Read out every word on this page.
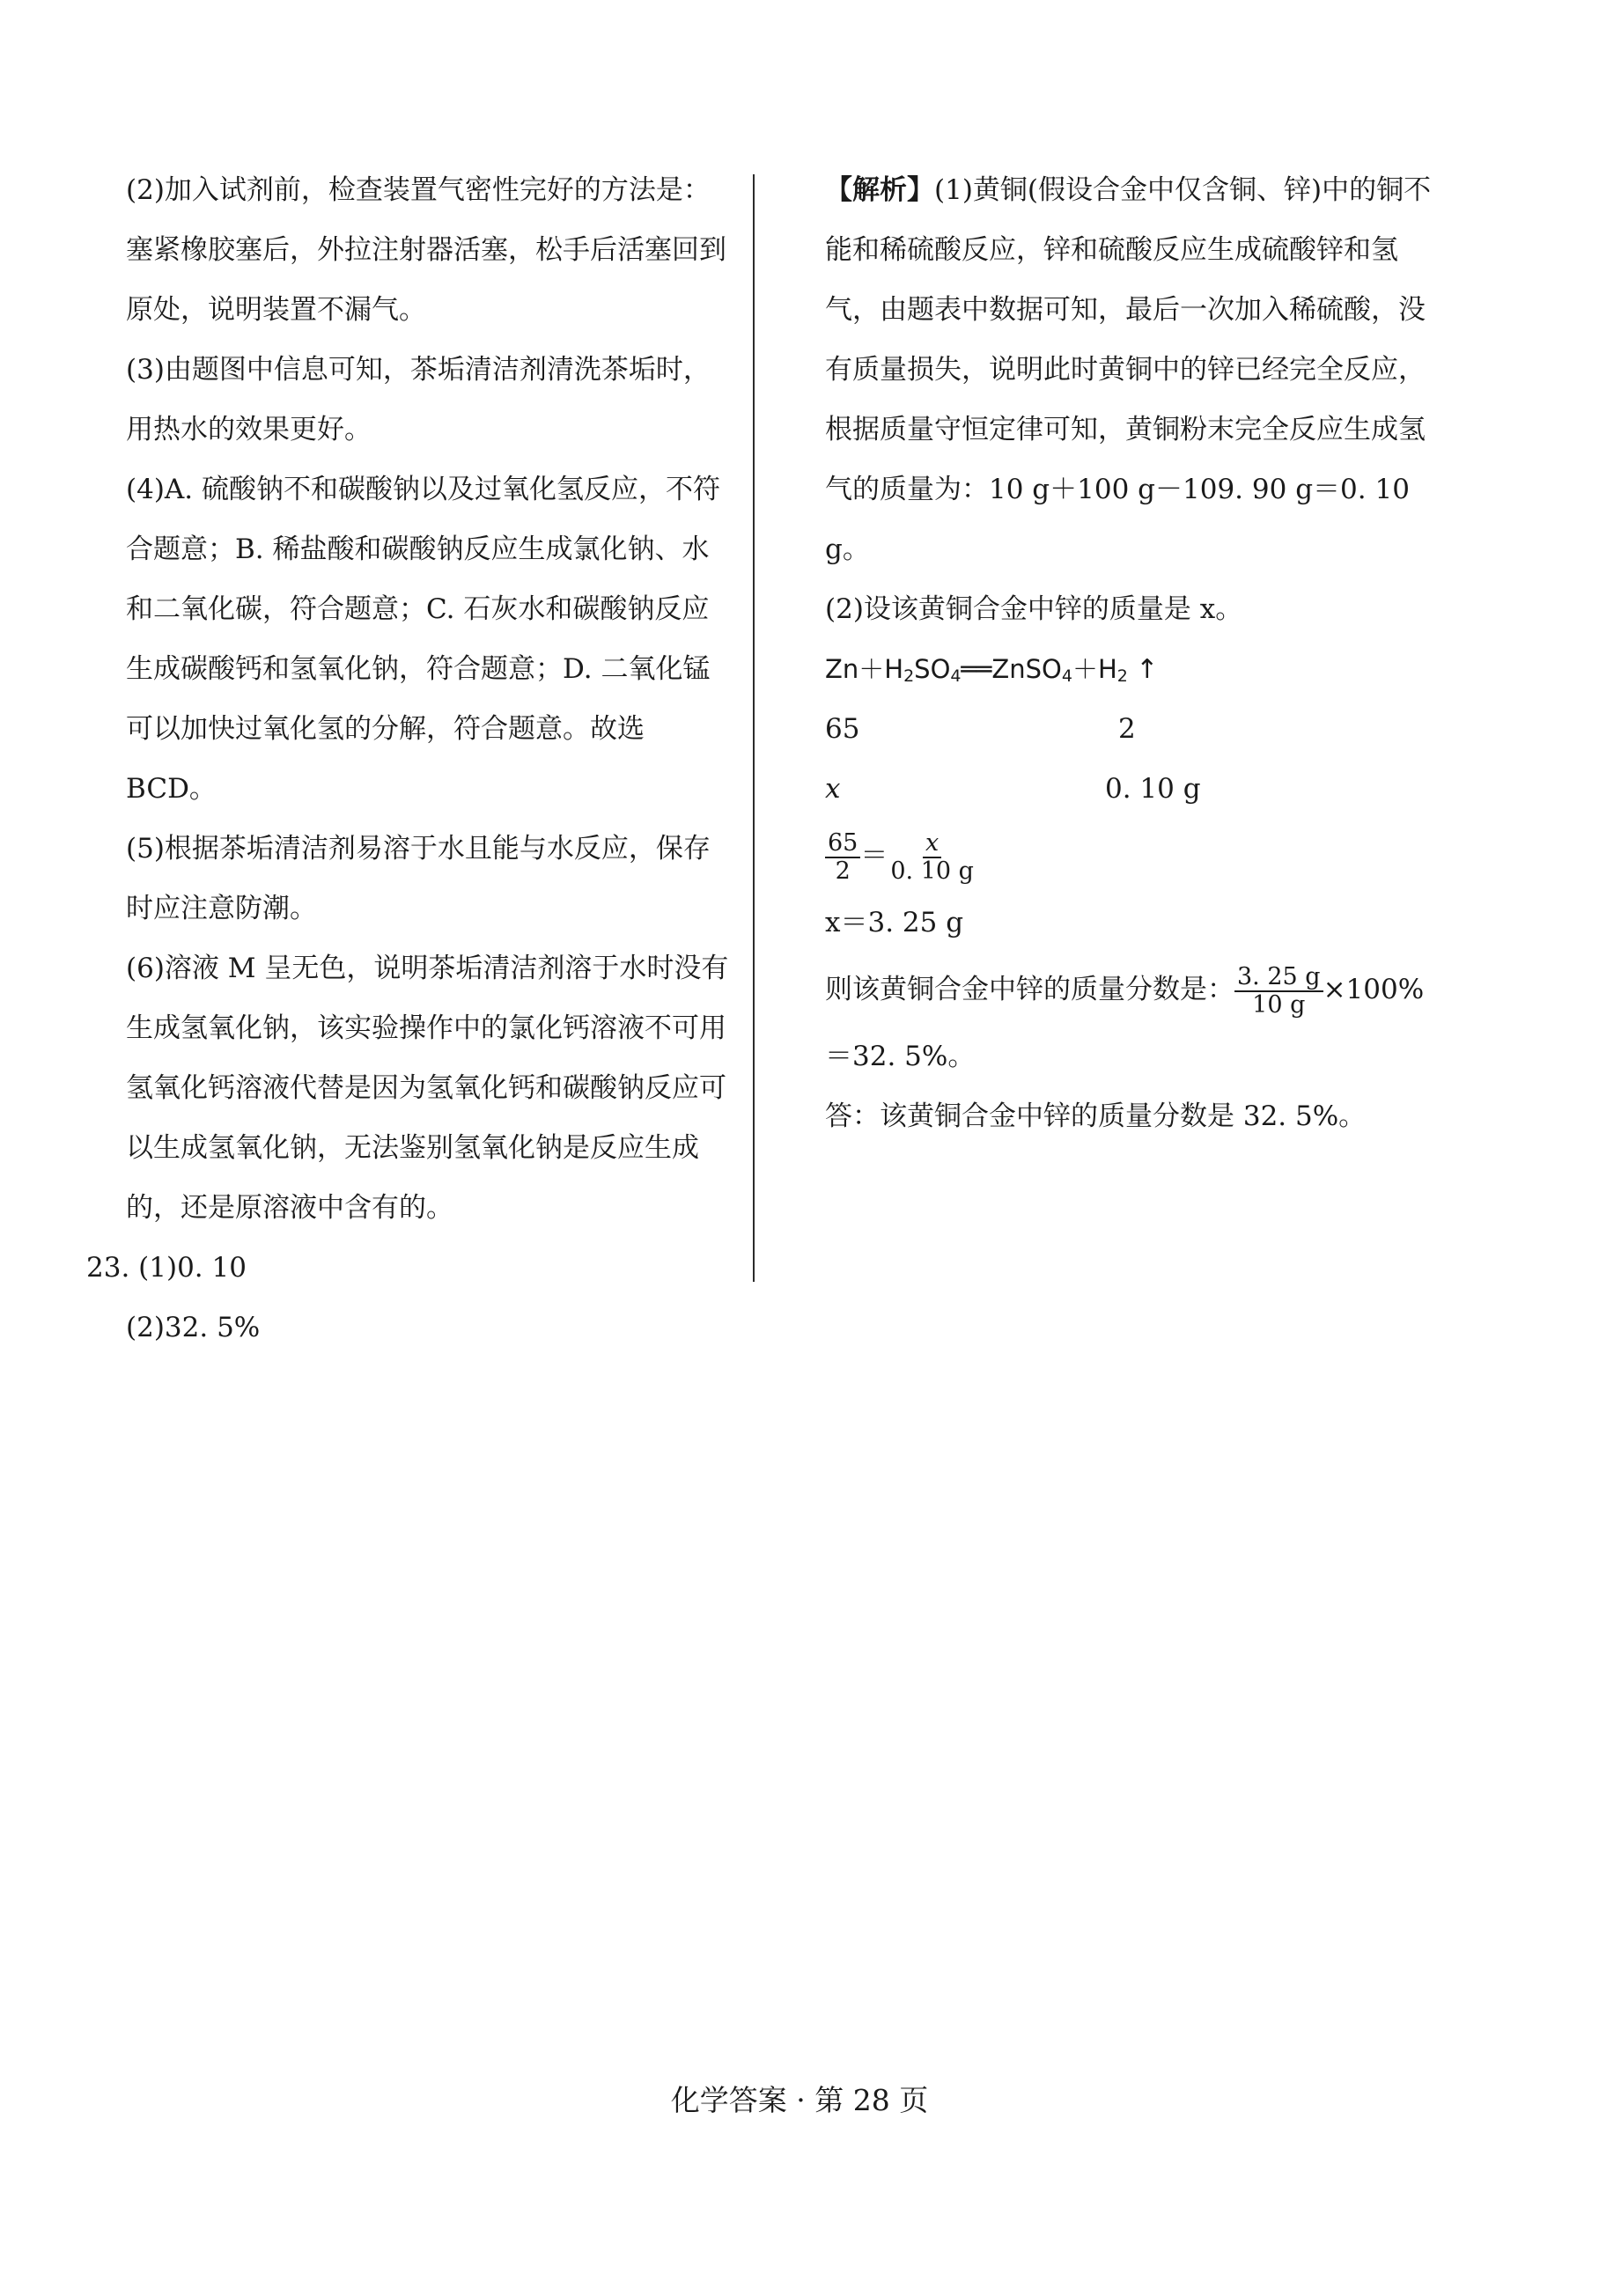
(2)加入试剂前，检查装置气密性完好的方法是：塞紧橡胶塞后，外拉注射器活塞，松手后活塞回到原处，说明装置不漏气。

(3)由题图中信息可知，茶垢清洁剂清洗茶垢时，用热水的效果更好。

(4)A. 硫酸钠不和碳酸钠以及过氧化氢反应，不符合题意；B. 稀盐酸和碳酸钠反应生成氯化钠、水和二氧化碳，符合题意；C. 石灰水和碳酸钠反应生成碳酸钙和氢氧化钠，符合题意；D. 二氧化锰可以加快过氧化氢的分解，符合题意。故选 BCD。

(5)根据茶垢清洁剂易溶于水且能与水反应，保存时应注意防潮。

(6)溶液 M 呈无色，说明茶垢清洁剂溶于水时没有生成氢氧化钠，该实验操作中的氯化钙溶液不可用氢氧化钙溶液代替是因为氢氧化钙和碳酸钠反应可以生成氢氧化钠，无法鉴别氢氧化钠是反应生成的，还是原溶液中含有的。

23. (1)0. 10
(2)32. 5%

【解析】(1)黄铜(假设合金中仅含铜、锌)中的铜不能和稀硫酸反应，锌和硫酸反应生成硫酸锌和氢气，由题表中数据可知，最后一次加入稀硫酸，没有质量损失，说明此时黄铜中的锌已经完全反应，根据质量守恒定律可知，黄铜粉末完全反应生成氢气的质量为：10 g＋100 g－109. 90 g＝0. 10 g。

(2)设该黄铜合金中锌的质量是 x。
$Zn+H_2SO_4══ZnSO_4+H_2$ ↑
65	2
x	0. 10 g
$\frac{65}{2} = \frac{x}{0. 10 g}$
x＝3. 25 g
则该黄铜合金中锌的质量分数是： $\frac{3. 25 g}{10 g} \times 100\%$
＝32. 5%。
答：该黄铜合金中锌的质量分数是 32. 5%。
化学答案 · 第 28 页
